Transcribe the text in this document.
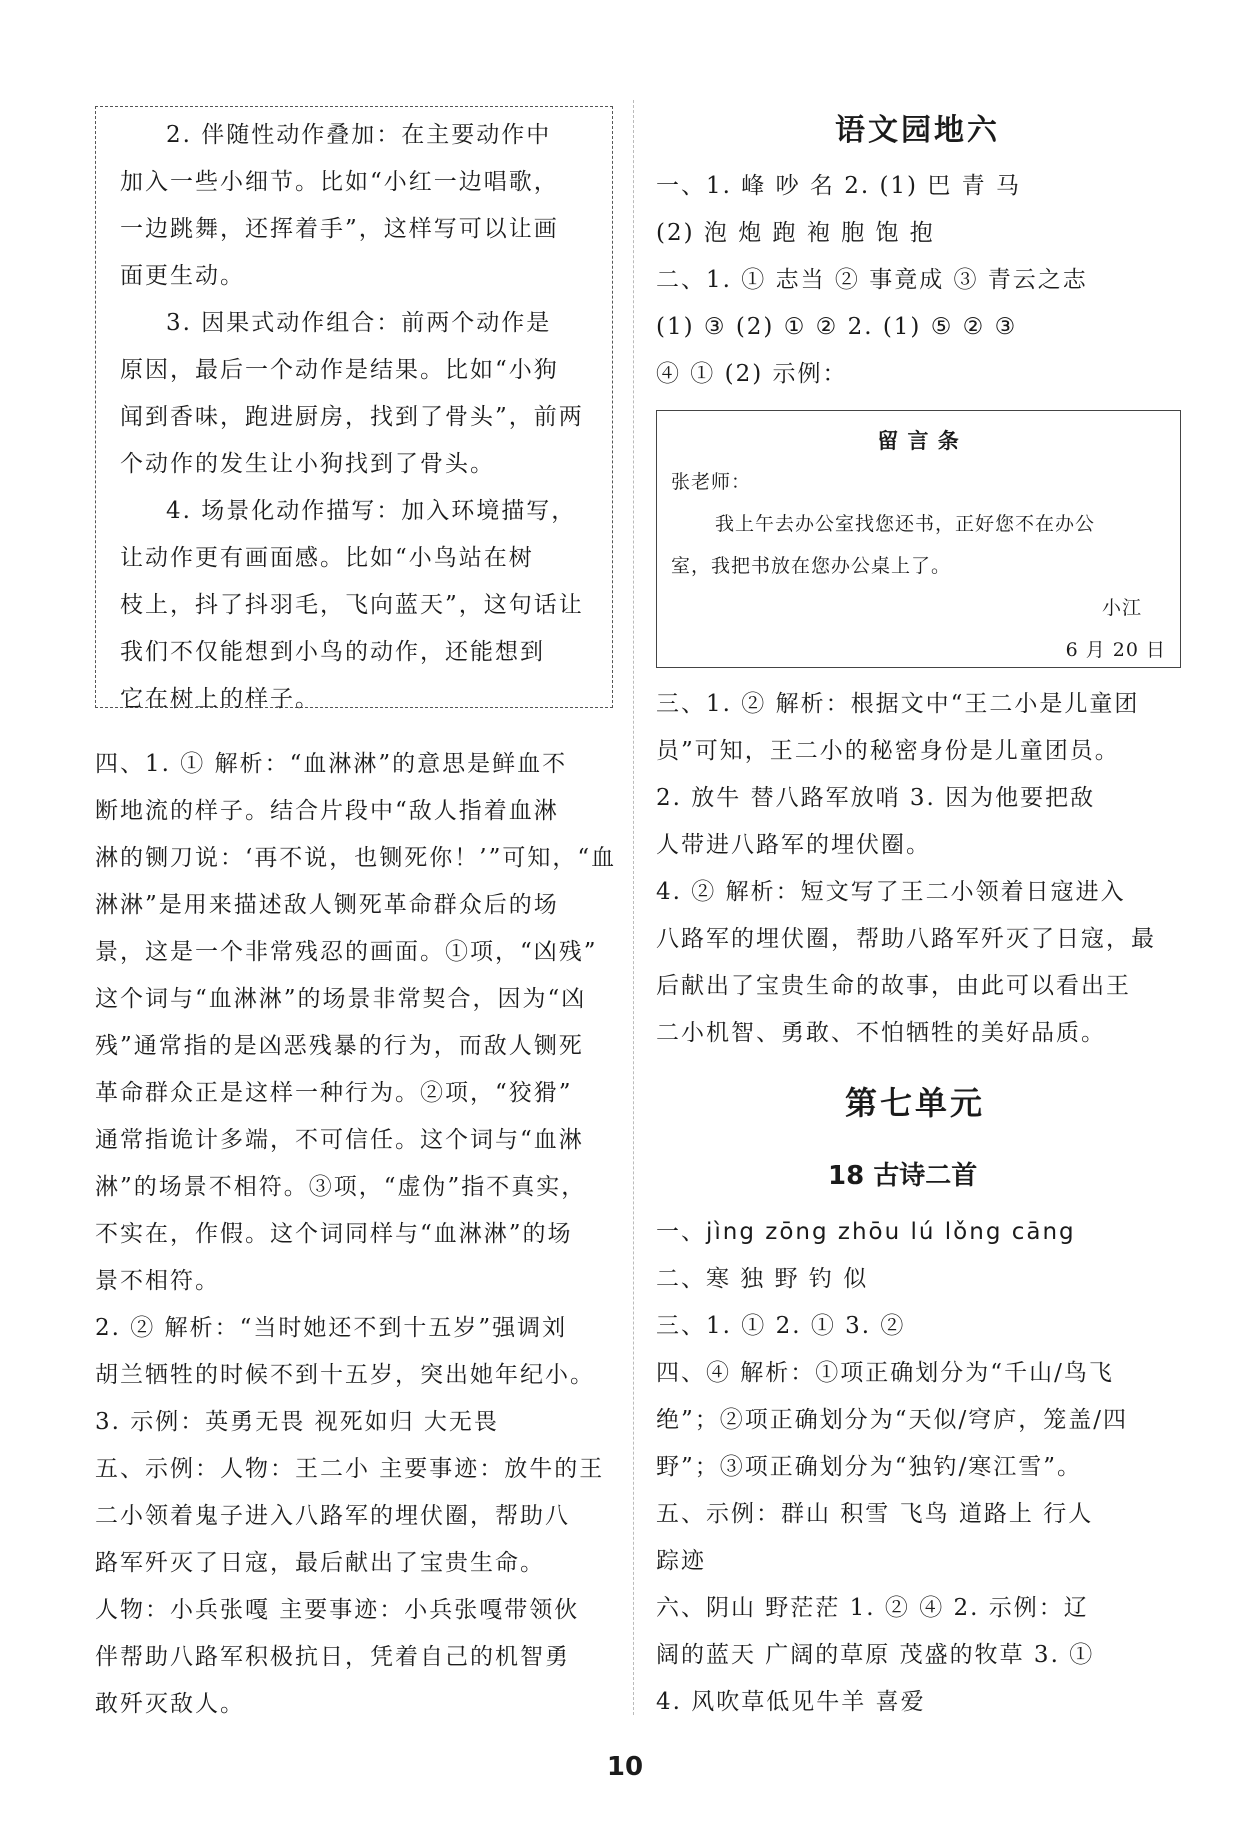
2. 伴随性动作叠加：在主要动作中
加入一些小细节。比如“小红一边唱歌，
一边跳舞，还挥着手”，这样写可以让画
面更生动。
3. 因果式动作组合：前两个动作是
原因，最后一个动作是结果。比如“小狗
闻到香味，跑进厨房，找到了骨头”，前两
个动作的发生让小狗找到了骨头。
4. 场景化动作描写：加入环境描写，
让动作更有画面感。比如“小鸟站在树
枝上，抖了抖羽毛，飞向蓝天”，这句话让
我们不仅能想到小鸟的动作，还能想到
它在树上的样子。
四、1. ① 解析：“血淋淋”的意思是鲜血不
断地流的样子。结合片段中“敌人指着血淋
淋的铡刀说：‘再不说，也铡死你！’”可知，“血
淋淋”是用来描述敌人铡死革命群众后的场
景，这是一个非常残忍的画面。①项，“凶残”
这个词与“血淋淋”的场景非常契合，因为“凶
残”通常指的是凶恶残暴的行为，而敌人铡死
革命群众正是这样一种行为。②项，“狡猾”
通常指诡计多端，不可信任。这个词与“血淋
淋”的场景不相符。③项，“虚伪”指不真实，
不实在，作假。这个词同样与“血淋淋”的场
景不相符。
2. ② 解析：“当时她还不到十五岁”强调刘
胡兰牺牲的时候不到十五岁，突出她年纪小。
3. 示例：英勇无畏 视死如归 大无畏
五、示例：人物：王二小 主要事迹：放牛的王
二小领着鬼子进入八路军的埋伏圈，帮助八
路军歼灭了日寇，最后献出了宝贵生命。
人物：小兵张嘎 主要事迹：小兵张嘎带领伙
伴帮助八路军积极抗日，凭着自己的机智勇
敢歼灭敌人。
语文园地六
一、1. 峰 吵 名 2. (1) 巴 青 马
(2) 泡 炮 跑 袍 胞 饱 抱
二、1. ① 志当 ② 事竟成 ③ 青云之志
(1) ③ (2) ① ② 2. (1) ⑤ ② ③
④ ① (2) 示例：
留 言 条
张老师：
我上午去办公室找您还书，正好您不在办公
室，我把书放在您办公桌上了。
小江
6 月 20 日
三、1. ② 解析：根据文中“王二小是儿童团
员”可知，王二小的秘密身份是儿童团员。
2. 放牛 替八路军放哨 3. 因为他要把敌
人带进八路军的埋伏圈。
4. ② 解析：短文写了王二小领着日寇进入
八路军的埋伏圈，帮助八路军歼灭了日寇，最
后献出了宝贵生命的故事，由此可以看出王
二小机智、勇敢、不怕牺牲的美好品质。
第七单元
18 古诗二首
一、jìng zōng zhōu lú lǒng cāng
二、寒 独 野 钓 似
三、1. ① 2. ① 3. ②
四、④ 解析：①项正确划分为“千山/鸟飞
绝”；②项正确划分为“天似/穹庐，笼盖/四
野”；③项正确划分为“独钓/寒江雪”。
五、示例：群山 积雪 飞鸟 道路上 行人
踪迹
六、阴山 野茫茫 1. ② ④ 2. 示例：辽
阔的蓝天 广阔的草原 茂盛的牧草 3. ①
4. 风吹草低见牛羊 喜爱
10
